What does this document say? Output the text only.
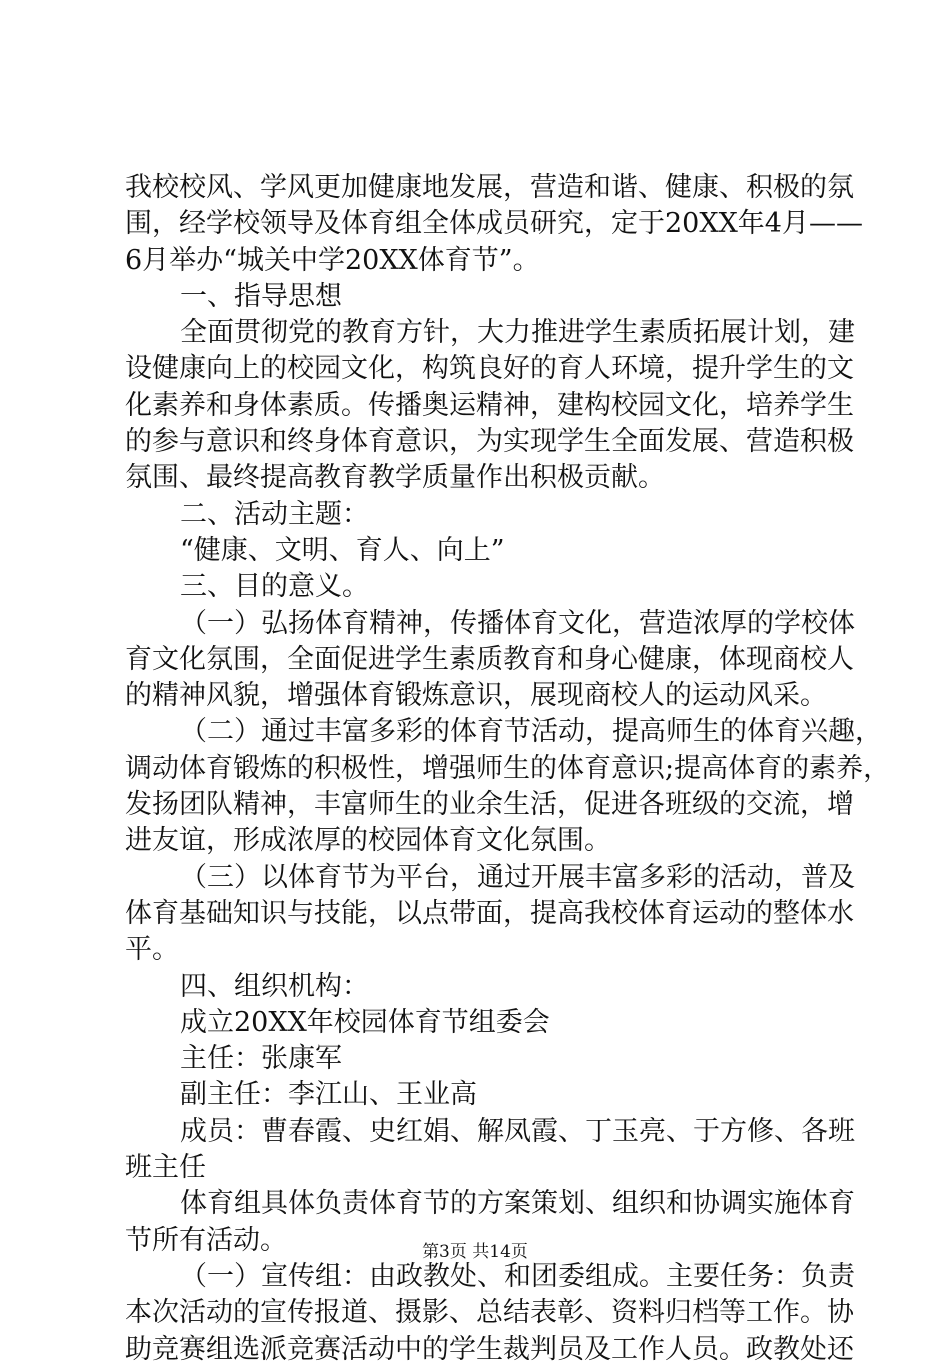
我校校风、学风更加健康地发展，营造和谐、健康、积极的氛
围，经学校领导及体育组全体成员研究，定于20XX年4月——
6月举办“城关中学20XX体育节”。
一、指导思想
全面贯彻党的教育方针，大力推进学生素质拓展计划，建
设健康向上的校园文化，构筑良好的育人环境，提升学生的文
化素养和身体素质。传播奥运精神，建构校园文化，培养学生
的参与意识和终身体育意识，为实现学生全面发展、营造积极
氛围、最终提高教育教学质量作出积极贡献。
二、活动主题：
“健康、文明、育人、向上”
三、目的意义。
（一）弘扬体育精神，传播体育文化，营造浓厚的学校体
育文化氛围，全面促进学生素质教育和身心健康，体现商校人
的精神风貌，增强体育锻炼意识，展现商校人的运动风采。
（二）通过丰富多彩的体育节活动，提高师生的体育兴趣，
调动体育锻炼的积极性，增强师生的体育意识;提高体育的素养，
发扬团队精神，丰富师生的业余生活，促进各班级的交流，增
进友谊，形成浓厚的校园体育文化氛围。
（三）以体育节为平台，通过开展丰富多彩的活动，普及
体育基础知识与技能，以点带面，提高我校体育运动的整体水
平。
四、组织机构：
成立20XX年校园体育节组委会
主任：张康军
副主任：李江山、王业高
成员：曹春霞、史红娟、解凤霞、丁玉亮、于方修、各班
班主任
体育组具体负责体育节的方案策划、组织和协调实施体育
节所有活动。
（一）宣传组：由政教处、和团委组成。主要任务：负责
本次活动的宣传报道、摄影、总结表彰、资料归档等工作。协
助竞赛组选派竞赛活动中的学生裁判员及工作人员。政教处还
第3页 共14页
